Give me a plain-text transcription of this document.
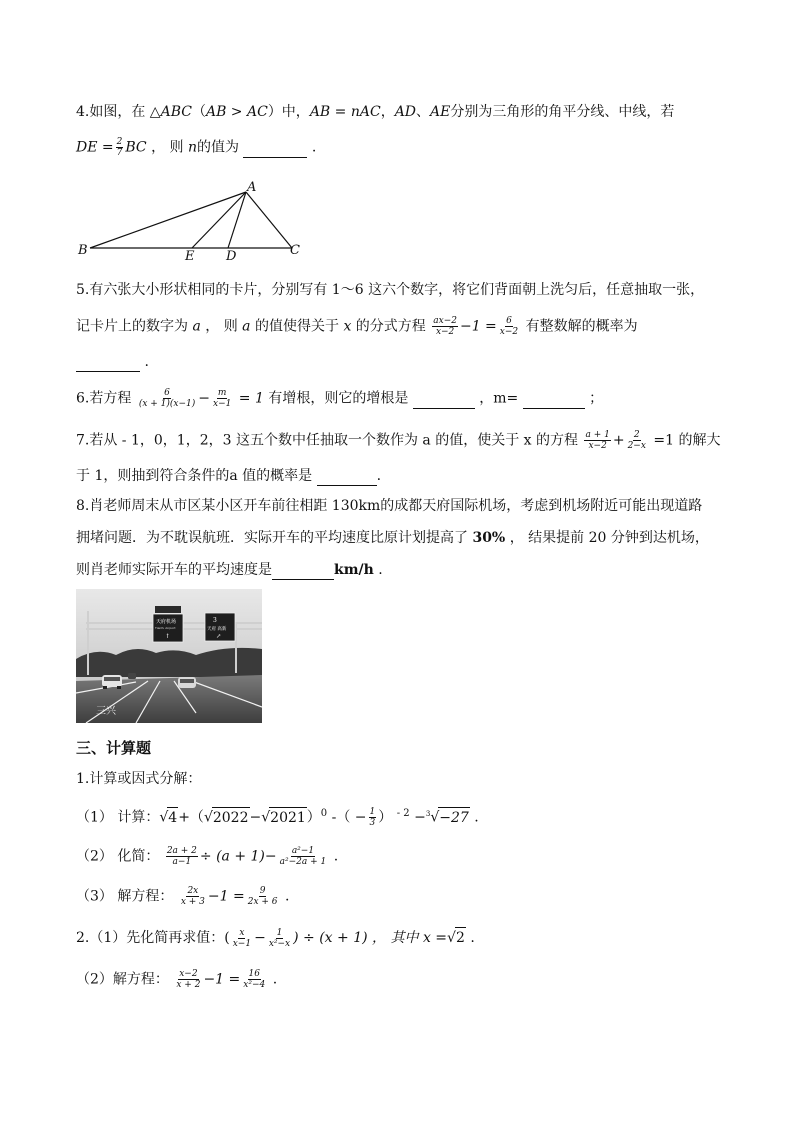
4.如图，在 △ABC（AB > AC）中，AB = nAC，AD、AE分别为三角形的角平分线、中线，若
DE = $\frac{2}{7}$ BC ， 则 n的值为	.
A
B	E D	C
5.有六张大小形状相同的卡片，分别写有 1～6 这六个数字，将它们背面朝上洗匀后，任意抽取一张，
记卡片上的数字为 a ， 则 a 的值使得关于 x 的分式方程 $\frac{ax-2}{x-2} -1 = \frac{6}{x-2}$ 有整数解的概率为
.
6.若方程 $\frac{6}{(x + 1)(x-1)} - \frac{m}{x-1} = 1$ 有增根，则它的增根是	，m=	；
7.若从 - 1，0，1，2，3 这五个数中任抽取一个数作为 a 的值，使关于 x 的方程 $\frac{a + 1}{x-2} + \frac{2}{2-x} =1$ 的解大
于 1，则抽到符合条件的a 值的概率是	.
8.肖老师周末从市区某小区开车前往相距 130km的成都天府国际机场，考虑到机场附近可能出现道路
拥堵问题．为不耽误航班．实际开车的平均速度比原计划提高了 30% ， 结果提前 20 分钟到达机场，
则肖老师实际开车的平均速度是	km/h .
三兴
天府机场
Tianfu Airport
↑
3
天府 高新
↗
三、计算题
1.计算或因式分解：
（1） 计算：$√4+(√2022-√2021)^0$ -（ − $\frac{1}{3}$ ） $^{- 2}$ −$^3$√−27 .
（2） 化简： $\frac{2a + 2}{a-1} \div (a + 1)- \frac{\text{a²−1}}{\text{a²−2a + 1}}$ .
（3） 解方程： $\frac{2x}{x + 3} -1 = \frac{9}{2x + 6}$ .
2.（1）先化简再求值：( $\frac{x}{x-1} - \frac{1}{\text{x²−x}}$ ) ÷ (x + 1) ， 其中 x =√2 .
（2）解方程： $\frac{x-2}{x + 2} -1 = \frac{16}{\text{x²−4}}$ .
